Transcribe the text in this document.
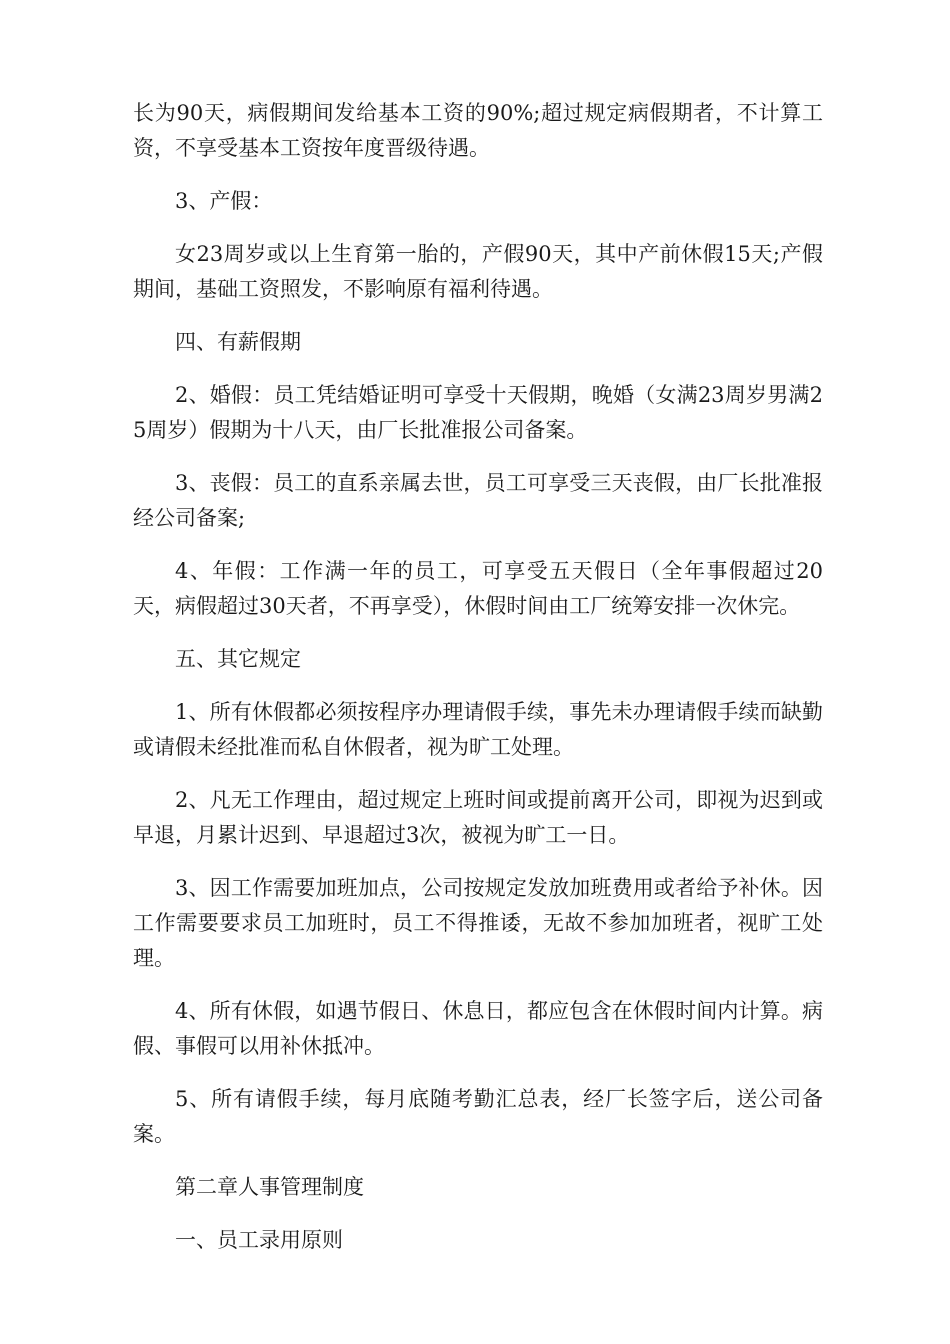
长为90天，病假期间发给基本工资的90%;超过规定病假期者，不计算工资，不享受基本工资按年度晋级待遇。

3、产假：

女23周岁或以上生育第一胎的，产假90天，其中产前休假15天;产假期间，基础工资照发，不影响原有福利待遇。

四、有薪假期

2、婚假：员工凭结婚证明可享受十天假期，晚婚（女满23周岁男满25周岁）假期为十八天，由厂长批准报公司备案。

3、丧假：员工的直系亲属去世，员工可享受三天丧假，由厂长批准报经公司备案;

4、年假：工作满一年的员工，可享受五天假日（全年事假超过20天，病假超过30天者，不再享受），休假时间由工厂统筹安排一次休完。

五、其它规定

1、所有休假都必须按程序办理请假手续，事先未办理请假手续而缺勤或请假未经批准而私自休假者，视为旷工处理。

2、凡无工作理由，超过规定上班时间或提前离开公司，即视为迟到或早退，月累计迟到、早退超过3次，被视为旷工一日。

3、因工作需要加班加点，公司按规定发放加班费用或者给予补休。因工作需要要求员工加班时，员工不得推诿，无故不参加加班者，视旷工处理。

4、所有休假，如遇节假日、休息日，都应包含在休假时间内计算。病假、事假可以用补休抵冲。

5、所有请假手续，每月底随考勤汇总表，经厂长签字后，送公司备案。

第二章人事管理制度

一、员工录用原则
